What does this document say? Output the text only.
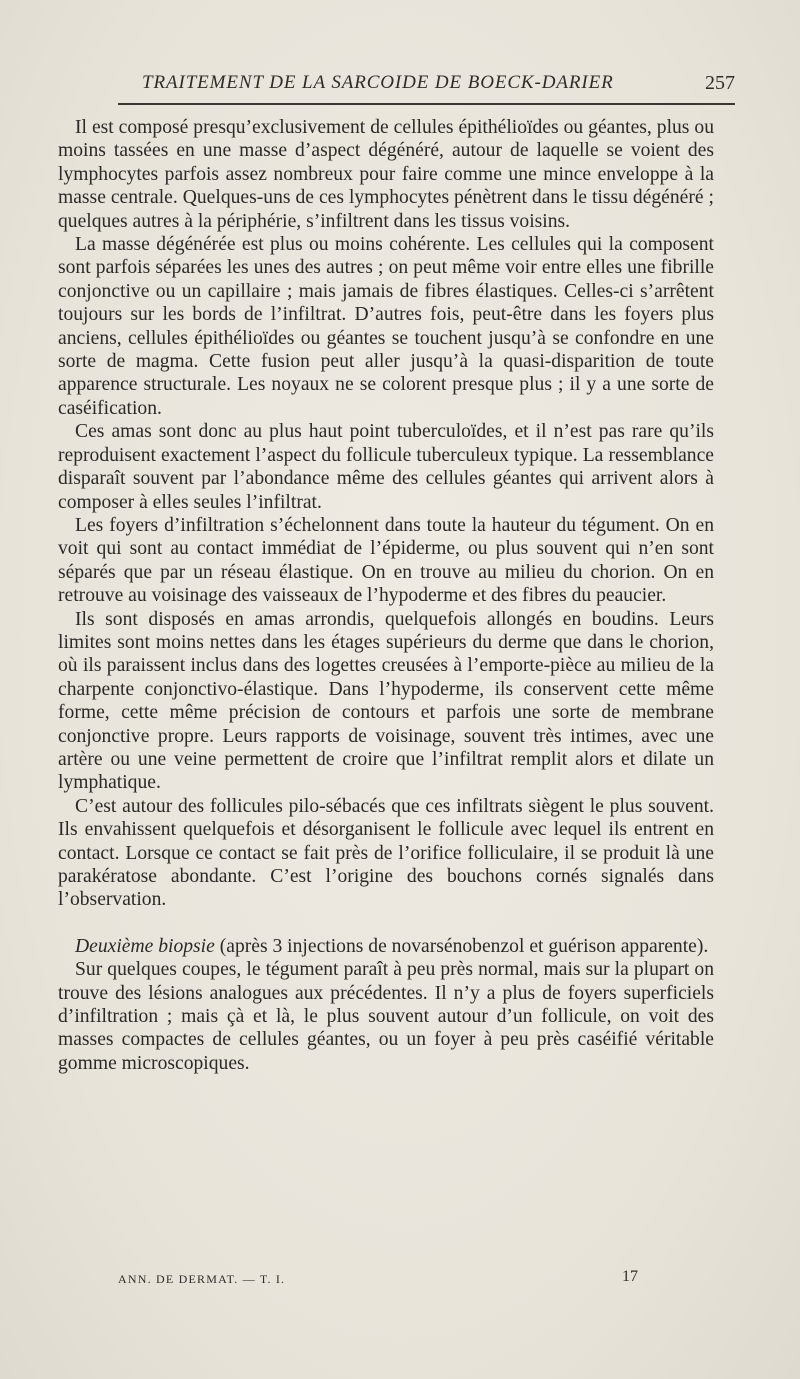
TRAITEMENT DE LA SARCOIDE DE BOECK-DARIER	257

Il est composé presqu’exclusivement de cellules épithélioïdes ou géantes, plus ou moins tassées en une masse d’aspect dégénéré, autour de laquelle se voient des lymphocytes parfois assez nombreux pour faire comme une mince enveloppe à la masse centrale. Quelques-uns de ces lymphocytes pénètrent dans le tissu dégénéré ; quelques autres à la périphérie, s’infiltrent dans les tissus voisins.

La masse dégénérée est plus ou moins cohérente. Les cellules qui la composent sont parfois séparées les unes des autres ; on peut même voir entre elles une fibrille conjonctive ou un capillaire ; mais jamais de fibres élastiques. Celles-ci s’arrêtent toujours sur les bords de l’infiltrat. D’autres fois, peut-être dans les foyers plus anciens, cellules épithélioïdes ou géantes se touchent jusqu’à se confondre en une sorte de magma. Cette fusion peut aller jusqu’à la quasi-disparition de toute apparence structurale. Les noyaux ne se colorent presque plus ; il y a une sorte de caséification.

Ces amas sont donc au plus haut point tuberculoïdes, et il n’est pas rare qu’ils reproduisent exactement l’aspect du follicule tuberculeux typique. La ressemblance disparaît souvent par l’abondance même des cellules géantes qui arrivent alors à composer à elles seules l’infiltrat.

Les foyers d’infiltration s’échelonnent dans toute la hauteur du tégument. On en voit qui sont au contact immédiat de l’épiderme, ou plus souvent qui n’en sont séparés que par un réseau élastique. On en trouve au milieu du chorion. On en retrouve au voisinage des vaisseaux de l’hypoderme et des fibres du peaucier.

Ils sont disposés en amas arrondis, quelquefois allongés en boudins. Leurs limites sont moins nettes dans les étages supérieurs du derme que dans le chorion, où ils paraissent inclus dans des logettes creusées à l’emporte-pièce au milieu de la charpente conjonctivo-élastique. Dans l’hypoderme, ils conservent cette même forme, cette même précision de contours et parfois une sorte de membrane conjonctive propre. Leurs rapports de voisinage, souvent très intimes, avec une artère ou une veine permettent de croire que l’infiltrat remplit alors et dilate un lymphatique.

C’est autour des follicules pilo-sébacés que ces infiltrats siègent le plus souvent. Ils envahissent quelquefois et désorganisent le follicule avec lequel ils entrent en contact. Lorsque ce contact se fait près de l’orifice folliculaire, il se produit là une parakératose abondante. C’est l’origine des bouchons cornés signalés dans l’observation.

Deuxième biopsie (après 3 injections de novarsénobenzol et guérison apparente).

Sur quelques coupes, le tégument paraît à peu près normal, mais sur la plupart on trouve des lésions analogues aux précédentes. Il n’y a plus de foyers superficiels d’infiltration ; mais çà et là, le plus souvent autour d’un follicule, on voit des masses compactes de cellules géantes, ou un foyer à peu près caséifié véritable gomme microscopiques.

ANN. DE DERMAT. — T. I.	17
